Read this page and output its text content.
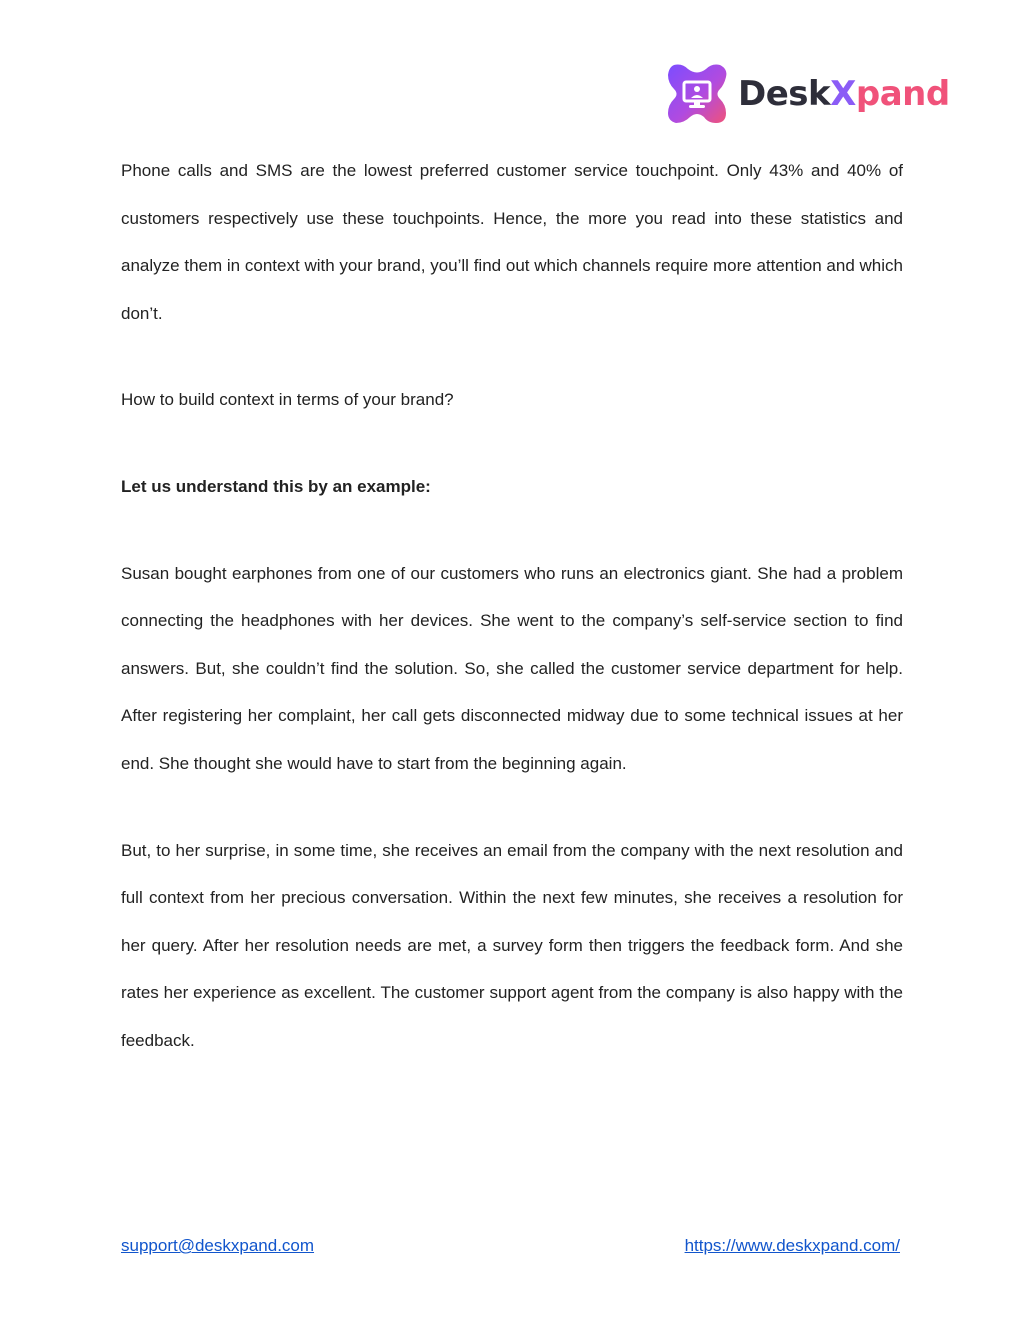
DeskXpand

Phone calls and SMS are the lowest preferred customer service touchpoint. Only 43% and 40% of customers respectively use these touchpoints. Hence, the more you read into these statistics and analyze them in context with your brand, you’ll find out which channels require more attention and which don’t.

How to build context in terms of your brand?

Let us understand this by an example:

Susan bought earphones from one of our customers who runs an electronics giant. She had a problem connecting the headphones with her devices. She went to the company’s self-service section to find answers. But, she couldn’t find the solution. So, she called the customer service department for help. After registering her complaint, her call gets disconnected midway due to some technical issues at her end. She thought she would have to start from the beginning again.

But, to her surprise, in some time, she receives an email from the company with the next resolution and full context from her precious conversation. Within the next few minutes, she receives a resolution for her query. After her resolution needs are met, a survey form then triggers the feedback form. And she rates her experience as excellent. The customer support agent from the company is also happy with the feedback.

support@deskxpand.com	https://www.deskxpand.com/
